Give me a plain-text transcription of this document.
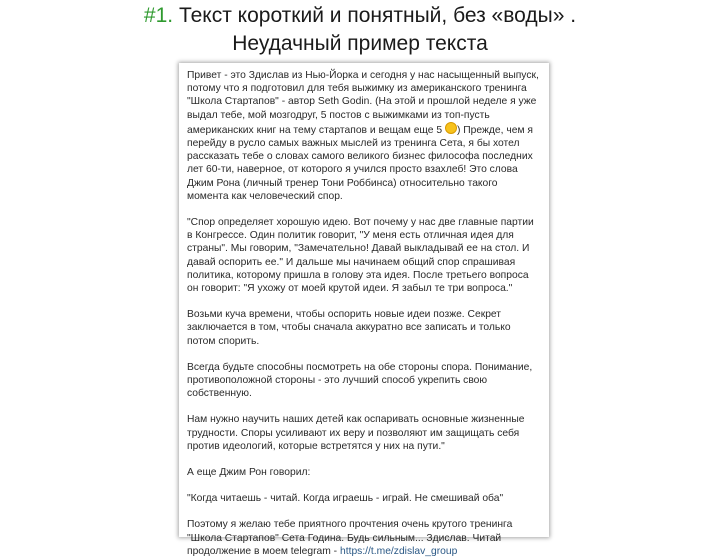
#1. Текст короткий и понятный, без «воды» .
Неудачный пример текста

Привет - это Здислав из Нью-Йорка и сегодня у нас насыщенный выпуск, потому что я подготовил для тебя выжимку из американского тренинга "Школа Стартапов" - автор Seth Godin. (На этой и прошлой неделе я уже выдал тебе, мой мозгодруг, 5 постов с выжимками из топ-пусть американских книг на тему стартапов и вещам еще 5 ) Прежде, чем я перейду в русло самых важных мыслей из тренинга Сета, я бы хотел рассказать тебе о словах самого великого бизнес философа последних лет 60-ти, наверное, от которого я учился просто взахлеб! Это слова Джим Рона (личный тренер Тони Роббинса) относительно такого момента как человеческий спор.

"Спор определяет хорошую идею. Вот почему у нас две главные партии в Конгрессе. Один политик говорит, "У меня есть отличная идея для страны". Мы говорим, "Замечательно! Давай выкладывай ее на стол. И давай оспорить ее." И дальше мы начинаем общий спор спрашивая политика, которому пришла в голову эта идея. После третьего вопроса он говорит: "Я ухожу от моей крутой идеи. Я забыл те три вопроса."

Возьми куча времени, чтобы оспорить новые идеи позже. Секрет заключается в том, чтобы сначала аккуратно все записать и только потом спорить.

Всегда будьте способны посмотреть на обе стороны спора. Понимание, противоположной стороны - это лучший способ укрепить свою собственную.

Нам нужно научить наших детей как оспаривать основные жизненные трудности. Споры усиливают их веру и позволяют им защищать себя против идеологий, которые встретятся у них на пути."

А еще Джим Рон говорил:

"Когда читаешь - читай. Когда играешь - играй. Не смешивай оба"

Поэтому я желаю тебе приятного прочтения очень крутого тренинга "Школа Стартапов" Сета Година. Будь сильным... Здислав. Читай продолжение в моем telegram - https://t.me/zdislav_group
